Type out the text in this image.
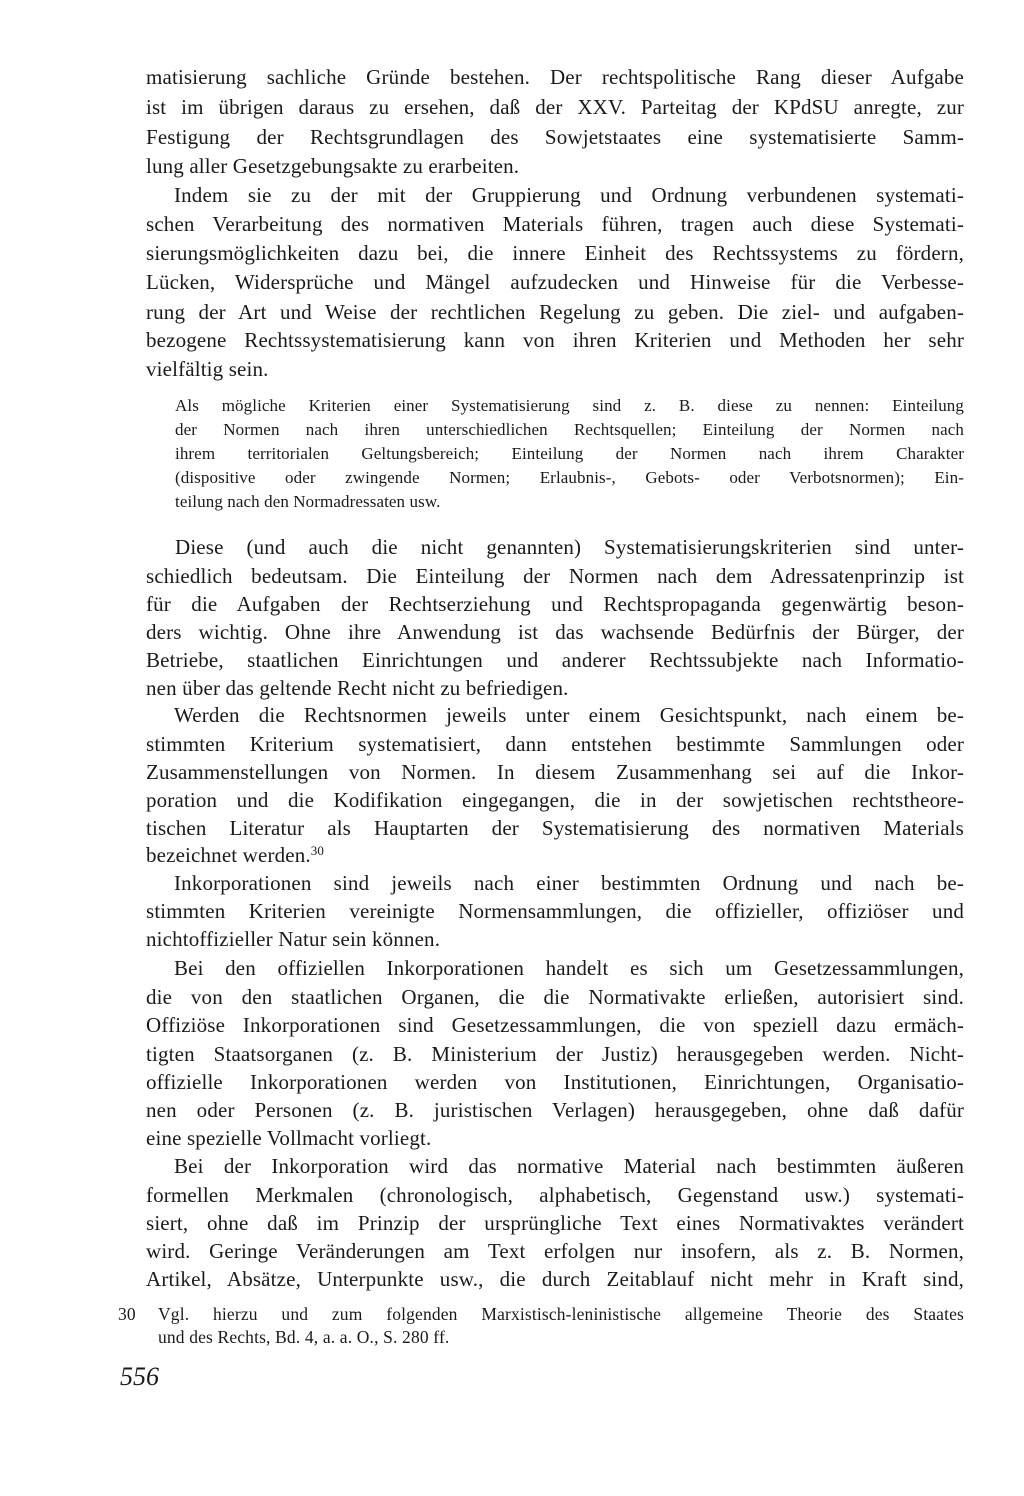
matisierung sachliche Gründe bestehen. Der rechtspolitische Rang dieser Aufgabe

ist im übrigen daraus zu ersehen, daß der XXV. Parteitag der KPdSU anregte, zur

Festigung der Rechtsgrundlagen des Sowjetstaates eine systematisierte Samm-

lung aller Gesetzgebungsakte zu erarbeiten.

Indem sie zu der mit der Gruppierung und Ordnung verbundenen systemati-

schen Verarbeitung des normativen Materials führen, tragen auch diese Systemati-

sierungsmöglichkeiten dazu bei, die innere Einheit des Rechtssystems zu fördern,

Lücken, Widersprüche und Mängel aufzudecken und Hinweise für die Verbesse-

rung der Art und Weise der rechtlichen Regelung zu geben. Die ziel- und aufgaben-

bezogene Rechtssystematisierung kann von ihren Kriterien und Methoden her sehr

vielfältig sein.

Als mögliche Kriterien einer Systematisierung sind z. B. diese zu nennen: Einteilung

der Normen nach ihren unterschiedlichen Rechtsquellen; Einteilung der Normen nach

ihrem territorialen Geltungsbereich; Einteilung der Normen nach ihrem Charakter

(dispositive oder zwingende Normen; Erlaubnis-, Gebots- oder Verbotsnormen); Ein-

teilung nach den Normadressaten usw.

Diese (und auch die nicht genannten) Systematisierungskriterien sind unter-

schiedlich bedeutsam. Die Einteilung der Normen nach dem Adressatenprinzip ist

für die Aufgaben der Rechtserziehung und Rechtspropaganda gegenwärtig beson-

ders wichtig. Ohne ihre Anwendung ist das wachsende Bedürfnis der Bürger, der

Betriebe, staatlichen Einrichtungen und anderer Rechtssubjekte nach Informatio-

nen über das geltende Recht nicht zu befriedigen.

Werden die Rechtsnormen jeweils unter einem Gesichtspunkt, nach einem be-

stimmten Kriterium systematisiert, dann entstehen bestimmte Sammlungen oder

Zusammenstellungen von Normen. In diesem Zusammenhang sei auf die Inkor-

poration und die Kodifikation eingegangen, die in der sowjetischen rechtstheore-

tischen Literatur als Hauptarten der Systematisierung des normativen Materials

bezeichnet werden.$^{30}$

Inkorporationen sind jeweils nach einer bestimmten Ordnung und nach be-

stimmten Kriterien vereinigte Normensammlungen, die offizieller, offiziöser und

nichtoffizieller Natur sein können.

Bei den offiziellen Inkorporationen handelt es sich um Gesetzessammlungen,

die von den staatlichen Organen, die die Normativakte erließen, autorisiert sind.

Offiziöse Inkorporationen sind Gesetzessammlungen, die von speziell dazu ermäch-

tigten Staatsorganen (z. B. Ministerium der Justiz) herausgegeben werden. Nicht-

offizielle Inkorporationen werden von Institutionen, Einrichtungen, Organisatio-

nen oder Personen (z. B. juristischen Verlagen) herausgegeben, ohne daß dafür

eine spezielle Vollmacht vorliegt.

Bei der Inkorporation wird das normative Material nach bestimmten äußeren

formellen Merkmalen (chronologisch, alphabetisch, Gegenstand usw.) systemati-

siert, ohne daß im Prinzip der ursprüngliche Text eines Normativaktes verändert

wird. Geringe Veränderungen am Text erfolgen nur insofern, als z. B. Normen,

Artikel, Absätze, Unterpunkte usw., die durch Zeitablauf nicht mehr in Kraft sind,

30 Vgl. hierzu und zum folgenden Marxistisch-leninistische allgemeine Theorie des Staates

und des Rechts, Bd. 4, a. a. O., S. 280 ff.

556
